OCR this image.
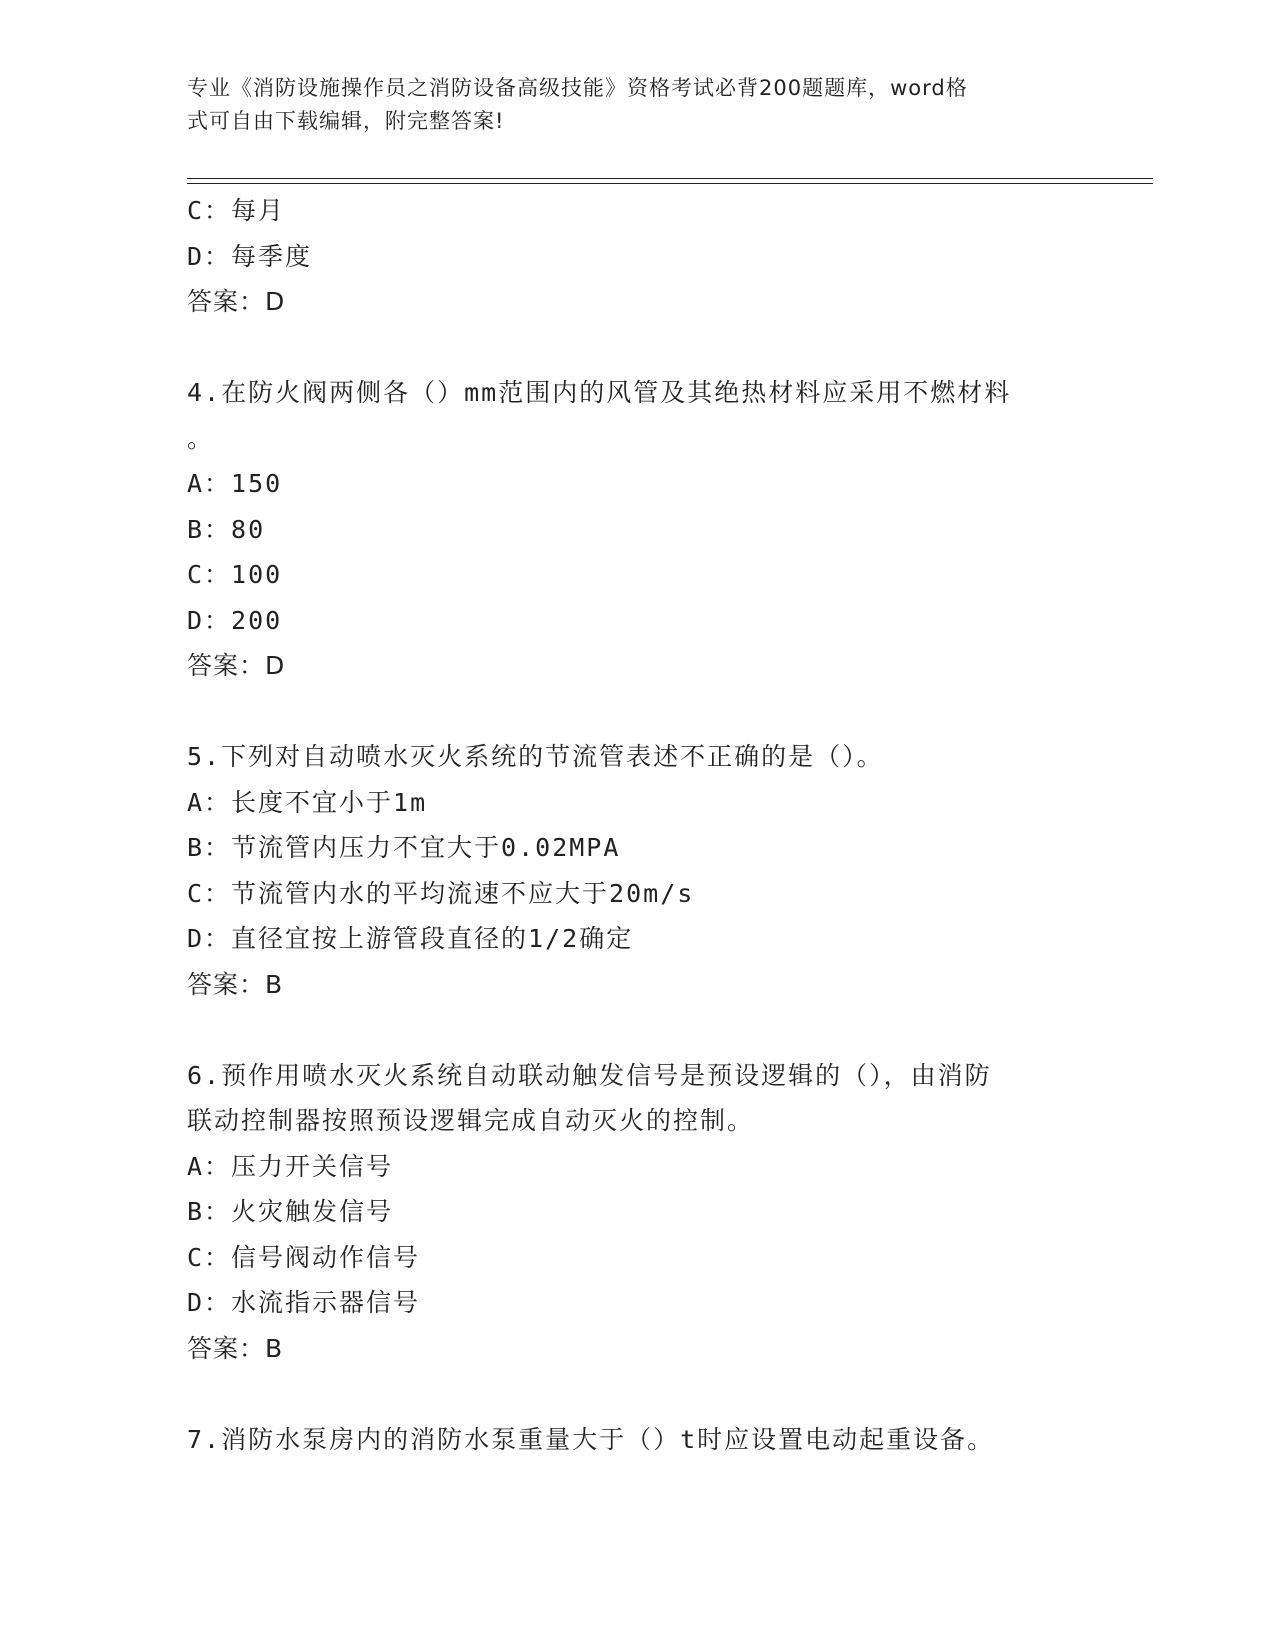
专业《消防设施操作员之消防设备高级技能》资格考试必背200题题库，word格
式可自由下载编辑，附完整答案!
C：每月
D：每季度
答案：D
4.在防火阀两侧各（）mm范围内的风管及其绝热材料应采用不燃材料
。
A：150
B：80
C：100
D：200
答案：D
5.下列对自动喷水灭火系统的节流管表述不正确的是（）。
A：长度不宜小于1m
B：节流管内压力不宜大于0.02MPA
C：节流管内水的平均流速不应大于20m/s
D：直径宜按上游管段直径的1/2确定
答案：B
6.预作用喷水灭火系统自动联动触发信号是预设逻辑的（），由消防
联动控制器按照预设逻辑完成自动灭火的控制。
A：压力开关信号
B：火灾触发信号
C：信号阀动作信号
D：水流指示器信号
答案：B
7.消防水泵房内的消防水泵重量大于（）t时应设置电动起重设备。
